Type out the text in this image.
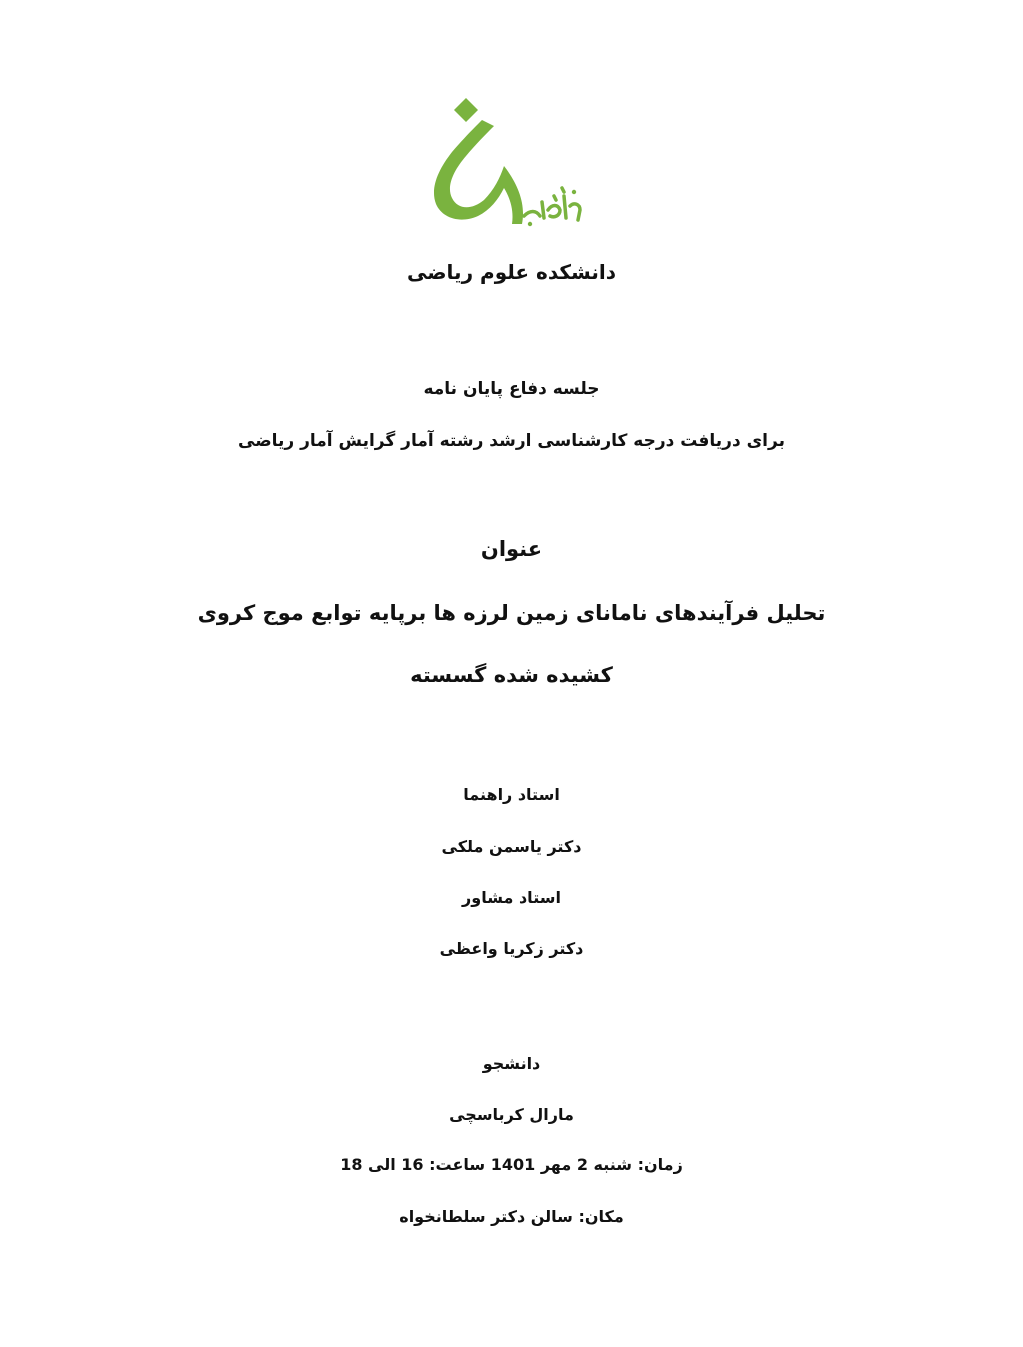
دانشکده علوم ریاضی
جلسه دفاع پایان نامه
برای دریافت درجه کارشناسی ارشد رشته آمار گرایش آمار ریاضی
عنوان
تحلیل فرآیندهای نامانای زمین لرزه ها برپایه توابع موج کروی
کشیده شده گسسته
استاد راهنما
دکتر یاسمن ملکی
استاد مشاور
دکتر زکریا واعظی
دانشجو
مارال کرباسچی
زمان: شنبه 2 مهر 1401 ساعت: 16 الی 18
مکان: سالن دکتر سلطانخواه
